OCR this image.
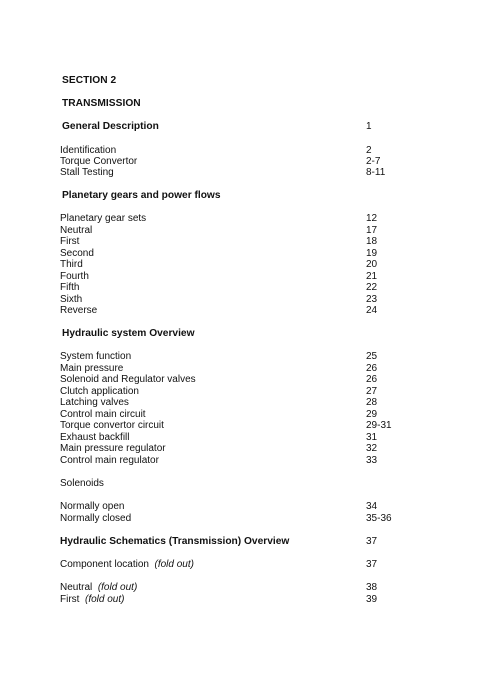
SECTION 2
TRANSMISSION
General Description	1
Identification	2
Torque Convertor	2-7
Stall Testing	8-11
Planetary gears and power flows
Planetary gear sets	12
Neutral	17
First	18
Second	19
Third	20
Fourth	21
Fifth	22
Sixth	23
Reverse	24
Hydraulic system Overview
System function	25
Main pressure	26
Solenoid and Regulator valves	26
Clutch application	27
Latching valves	28
Control main circuit	29
Torque convertor circuit	29-31
Exhaust backfill	31
Main pressure regulator	32
Control main regulator	33
Solenoids
Normally open	34
Normally closed	35-36
Hydraulic Schematics (Transmission) Overview	37
Component location (fold out)	37
Neutral (fold out)	38
First (fold out)	39
